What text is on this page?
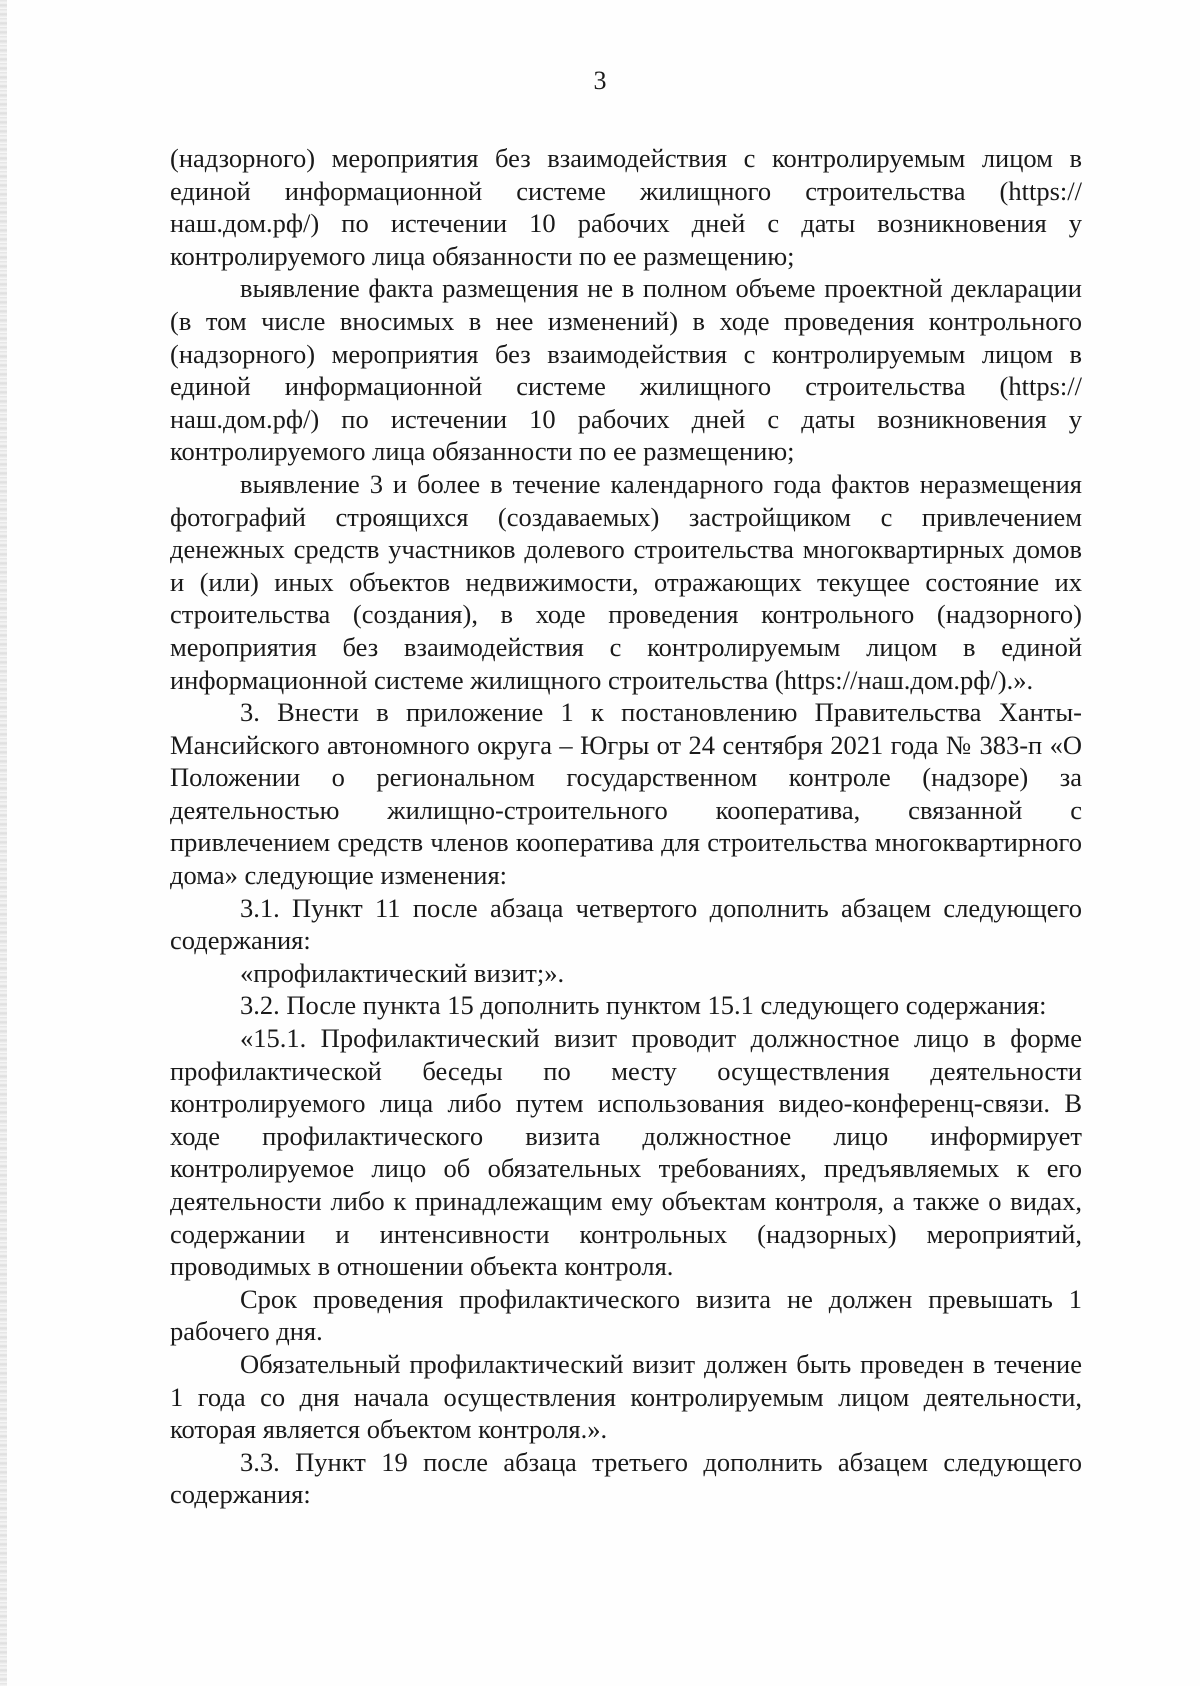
3

(надзорного) мероприятия без взаимодействия с контролируемым лицом в единой информационной системе жилищного строительства (https://наш.дом.рф/) по истечении 10 рабочих дней с даты возникновения у контролируемого лица обязанности по ее размещению;

выявление факта размещения не в полном объеме проектной декларации (в том числе вносимых в нее изменений) в ходе проведения контрольного (надзорного) мероприятия без взаимодействия с контролируемым лицом в единой информационной системе жилищного строительства (https://наш.дом.рф/) по истечении 10 рабочих дней с даты возникновения у контролируемого лица обязанности по ее размещению;

выявление 3 и более в течение календарного года фактов неразмещения фотографий строящихся (создаваемых) застройщиком с привлечением денежных средств участников долевого строительства многоквартирных домов и (или) иных объектов недвижимости, отражающих текущее состояние их строительства (создания), в ходе проведения контрольного (надзорного) мероприятия без взаимодействия с контролируемым лицом в единой информационной системе жилищного строительства (https://наш.дом.рф/).».

3. Внести в приложение 1 к постановлению Правительства Ханты-Мансийского автономного округа – Югры от 24 сентября 2021 года № 383-п «О Положении о региональном государственном контроле (надзоре) за деятельностью жилищно-строительного кооператива, связанной с привлечением средств членов кооператива для строительства многоквартирного дома» следующие изменения:

3.1. Пункт 11 после абзаца четвертого дополнить абзацем следующего содержания:

«профилактический визит;».

3.2. После пункта 15 дополнить пунктом 15.1 следующего содержания:

«15.1. Профилактический визит проводит должностное лицо в форме профилактической беседы по месту осуществления деятельности контролируемого лица либо путем использования видео-конференц-связи. В ходе профилактического визита должностное лицо информирует контролируемое лицо об обязательных требованиях, предъявляемых к его деятельности либо к принадлежащим ему объектам контроля, а также о видах, содержании и интенсивности контрольных (надзорных) мероприятий, проводимых в отношении объекта контроля.

Срок проведения профилактического визита не должен превышать 1 рабочего дня.

Обязательный профилактический визит должен быть проведен в течение 1 года со дня начала осуществления контролируемым лицом деятельности, которая является объектом контроля.».

3.3. Пункт 19 после абзаца третьего дополнить абзацем следующего содержания:
